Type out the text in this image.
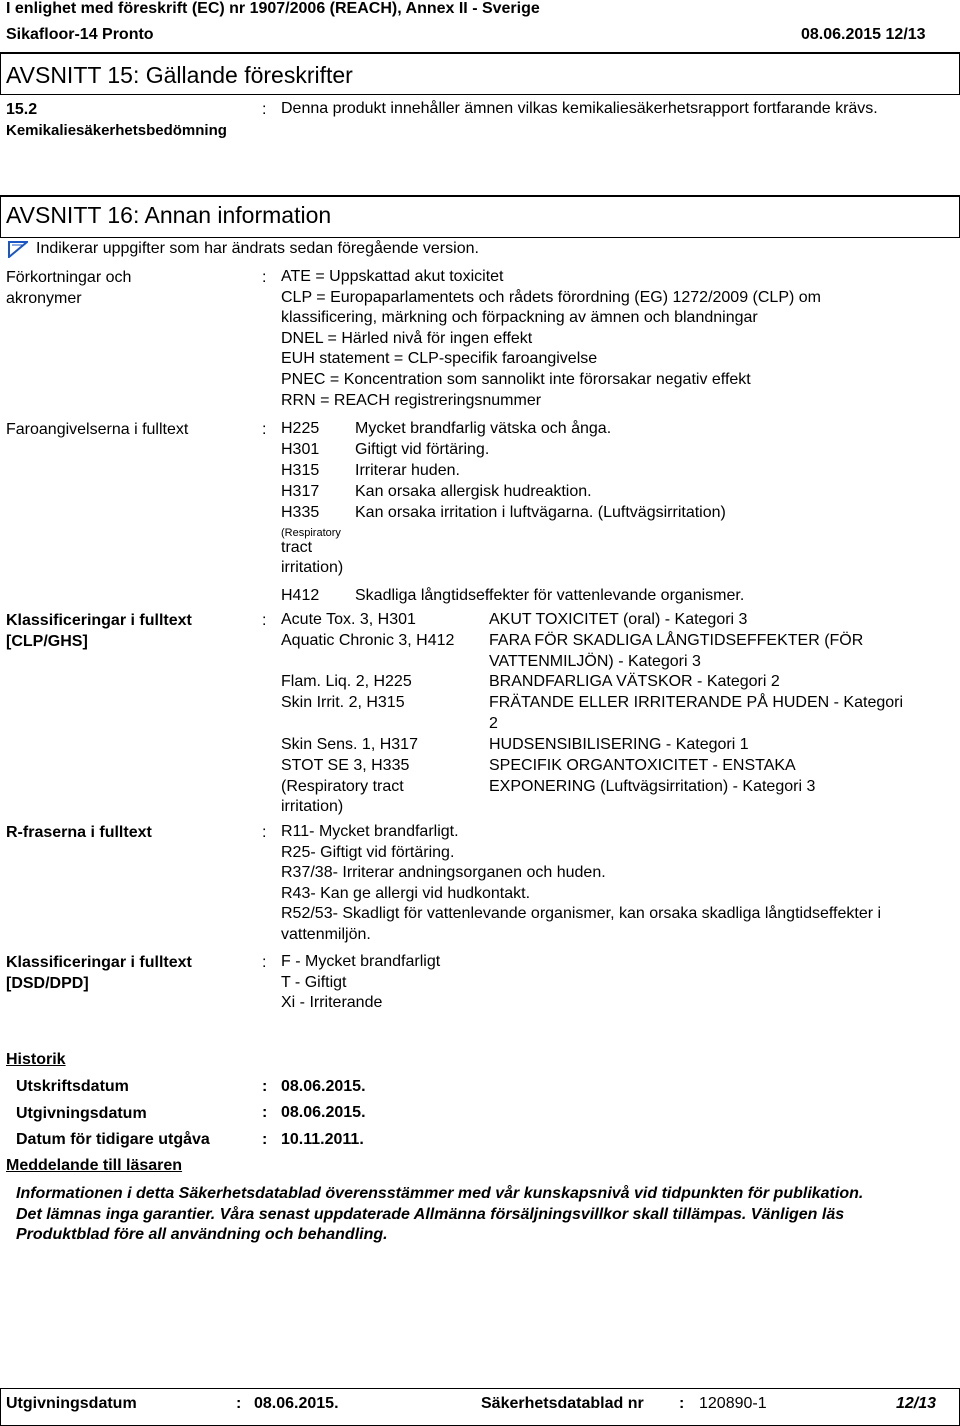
I enlighet med föreskrift (EC) nr 1907/2006 (REACH), Annex II - Sverige
Sikafloor-14 Pronto	08.06.2015 12/13
AVSNITT 15: Gällande föreskrifter
15.2
Kemikaliesäkerhetsbedömning
: Denna produkt innehåller ämnen vilkas kemikaliesäkerhetsrapport fortfarande krävs.
AVSNITT 16: Annan information
Indikerar uppgifter som har ändrats sedan föregående version.
Förkortningar och
akronymer
: ATE = Uppskattad akut toxicitet
CLP = Europaparlamentets och rådets förordning (EG) 1272/2009 (CLP) om
klassificering, märkning och förpackning av ämnen och blandningar
DNEL = Härled nivå för ingen effekt
EUH statement = CLP-specifik faroangivelse
PNEC = Koncentration som sannolikt inte förorsakar negativ effekt
RRN = REACH registreringsnummer
Faroangivelserna i fulltext	: H225 Mycket brandfarlig vätska och ånga.
H301 Giftigt vid förtäring.
H315 Irriterar huden.
H317 Kan orsaka allergisk hudreaktion.
H335 Kan orsaka irritation i luftvägarna. (Luftvägsirritation)
(Respiratory
tract
irritation)
H412 Skadliga långtidseffekter för vattenlevande organismer.
Klassificeringar i fulltext
[CLP/GHS]
: Acute Tox. 3, H301	AKUT TOXICITET (oral) - Kategori 3
Aquatic Chronic 3, H412 FARA FÖR SKADLIGA LÅNGTIDSEFFEKTER (FÖR
VATTENMILJÖN) - Kategori 3
Flam. Liq. 2, H225	BRANDFARLIGA VÄTSKOR - Kategori 2
Skin Irrit. 2, H315	FRÄTANDE ELLER IRRITERANDE PÅ HUDEN - Kategori
2
Skin Sens. 1, H317	HUDSENSIBILISERING - Kategori 1
STOT SE 3, H335	SPECIFIK ORGANTOXICITET - ENSTAKA
(Respiratory tract	EXPONERING (Luftvägsirritation) - Kategori 3
irritation)
R-fraserna i fulltext	: R11- Mycket brandfarligt.
R25- Giftigt vid förtäring.
R37/38- Irriterar andningsorganen och huden.
R43- Kan ge allergi vid hudkontakt.
R52/53- Skadligt för vattenlevande organismer, kan orsaka skadliga långtidseffekter i
vattenmiljön.
Klassificeringar i fulltext
[DSD/DPD]
: F - Mycket brandfarligt
T - Giftigt
Xi - Irriterande
Historik
Utskriftsdatum	: 08.06.2015.
Utgivningsdatum	: 08.06.2015.
Datum för tidigare utgåva	: 10.11.2011.
Meddelande till läsaren
Informationen i detta Säkerhetsdatablad överensstämmer med vår kunskapsnivå vid tidpunkten för publikation.
Det lämnas inga garantier. Våra senast uppdaterade Allmänna försäljningsvillkor skall tillämpas. Vänligen läs
Produktblad före all användning och behandling.
Utgivningsdatum	: 08.06.2015.	Säkerhetsdatablad nr : 120890-1	12/13
